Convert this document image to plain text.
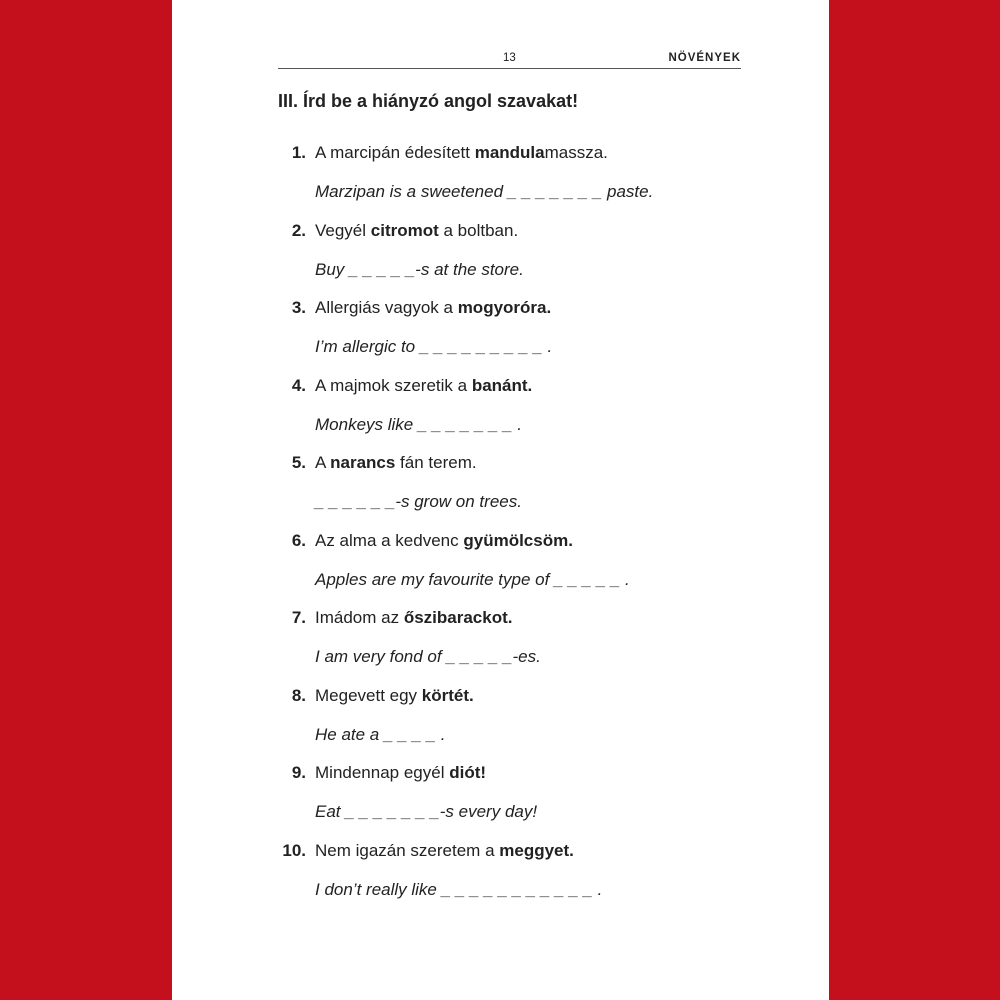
13	NÖVÉNYEK
III. Írd be a hiányzó angol szavakat!
1. A marcipán édesített mandulamassza.
Marzipan is a sweetened _ _ _ _ _ _ _ paste.
2. Vegyél citromot a boltban.
Buy _ _ _ _ _-s at the store.
3. Allergiás vagyok a mogyoróra.
I’m allergic to _ _ _ _ _ _ _ _ _ .
4. A majmok szeretik a banánt.
Monkeys like _ _ _ _ _ _ _ .
5. A narancs fán terem.
_ _ _ _ _ _-s grow on trees.
6. Az alma a kedvenc gyümölcsöm.
Apples are my favourite type of _ _ _ _ _ .
7. Imádom az őszibarackot.
I am very fond of _ _ _ _ _-es.
8. Megevett egy körtét.
He ate a _ _ _ _ .
9. Mindennap egyél diót!
Eat _ _ _ _ _ _ _-s every day!
10. Nem igazán szeretem a meggyet.
I don’t really like _ _ _ _ _ _ _ _ _ _ _ .
